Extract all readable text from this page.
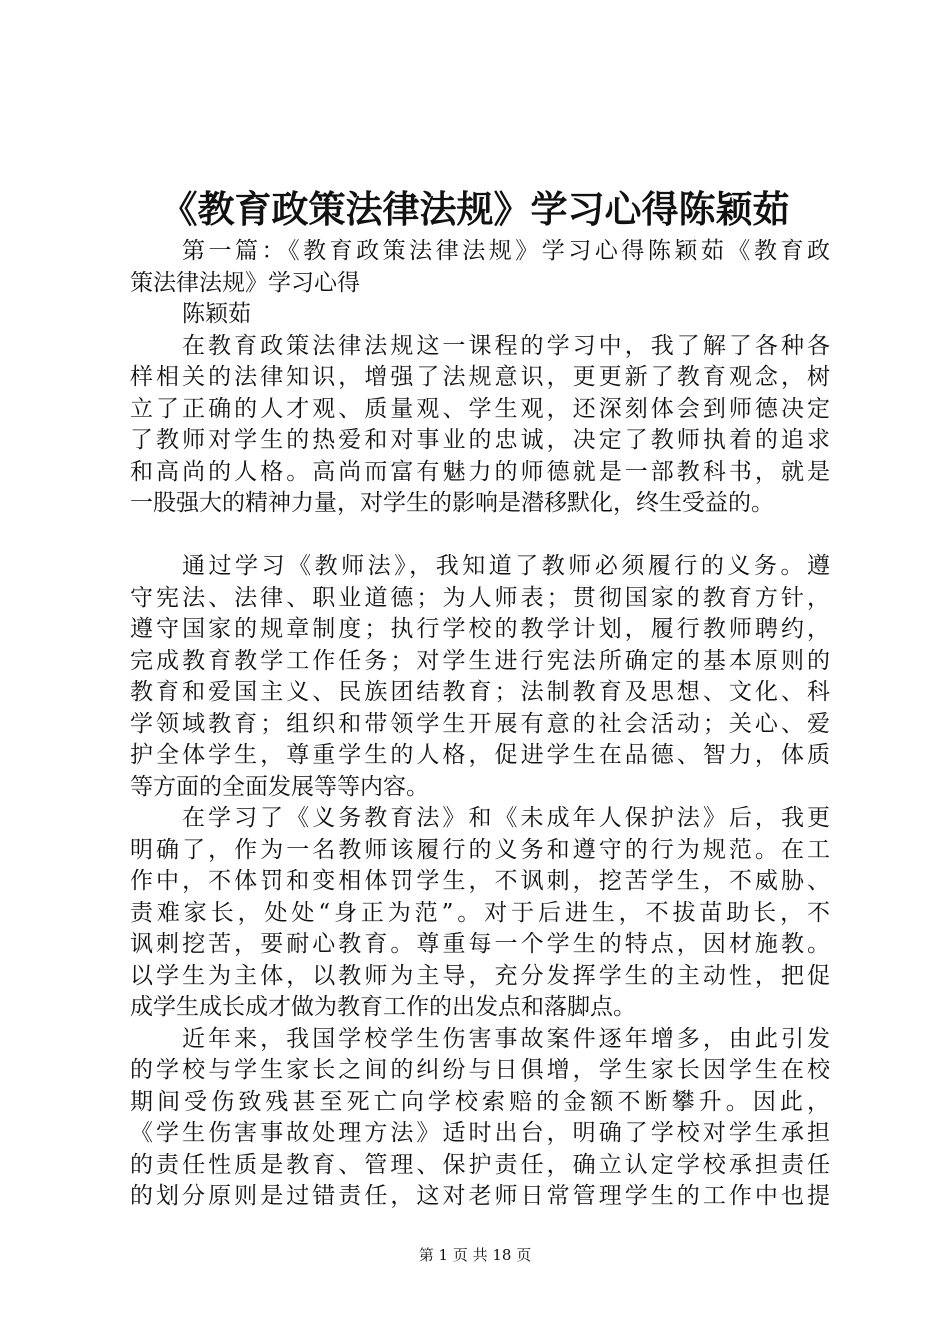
《教育政策法律法规》学习心得陈颖茹
第一篇：《教育政策法律法规》学习心得陈颖茹《教育政
策法律法规》学习心得
陈颖茹
在教育政策法律法规这一课程的学习中，我了解了各种各
样相关的法律知识，增强了法规意识，更更新了教育观念，树
立了正确的人才观、质量观、学生观，还深刻体会到师德决定
了教师对学生的热爱和对事业的忠诚，决定了教师执着的追求
和高尚的人格。高尚而富有魅力的师德就是一部教科书，就是
一股强大的精神力量，对学生的影响是潜移默化，终生受益的。
通过学习《教师法》，我知道了教师必须履行的义务。遵
守宪法、法律、职业道德；为人师表；贯彻国家的教育方针，
遵守国家的规章制度；执行学校的教学计划，履行教师聘约，
完成教育教学工作任务；对学生进行宪法所确定的基本原则的
教育和爱国主义、民族团结教育；法制教育及思想、文化、科
学领域教育；组织和带领学生开展有意的社会活动；关心、爱
护全体学生，尊重学生的人格，促进学生在品德、智力，体质
等方面的全面发展等等内容。
在学习了《义务教育法》和《未成年人保护法》后，我更
明确了，作为一名教师该履行的义务和遵守的行为规范。在工
作中，不体罚和变相体罚学生，不讽刺，挖苦学生，不威胁、
责难家长，处处“身正为范”。对于后进生，不拔苗助长，不
讽刺挖苦，要耐心教育。尊重每一个学生的特点，因材施教。
以学生为主体，以教师为主导，充分发挥学生的主动性，把促
成学生成长成才做为教育工作的出发点和落脚点。
近年来，我国学校学生伤害事故案件逐年增多，由此引发
的学校与学生家长之间的纠纷与日俱增，学生家长因学生在校
期间受伤致残甚至死亡向学校索赔的金额不断攀升。因此，
《学生伤害事故处理方法》适时出台，明确了学校对学生承担
的责任性质是教育、管理、保护责任，确立认定学校承担责任
的划分原则是过错责任，这对老师日常管理学生的工作中也提
第 1 页 共 18 页
